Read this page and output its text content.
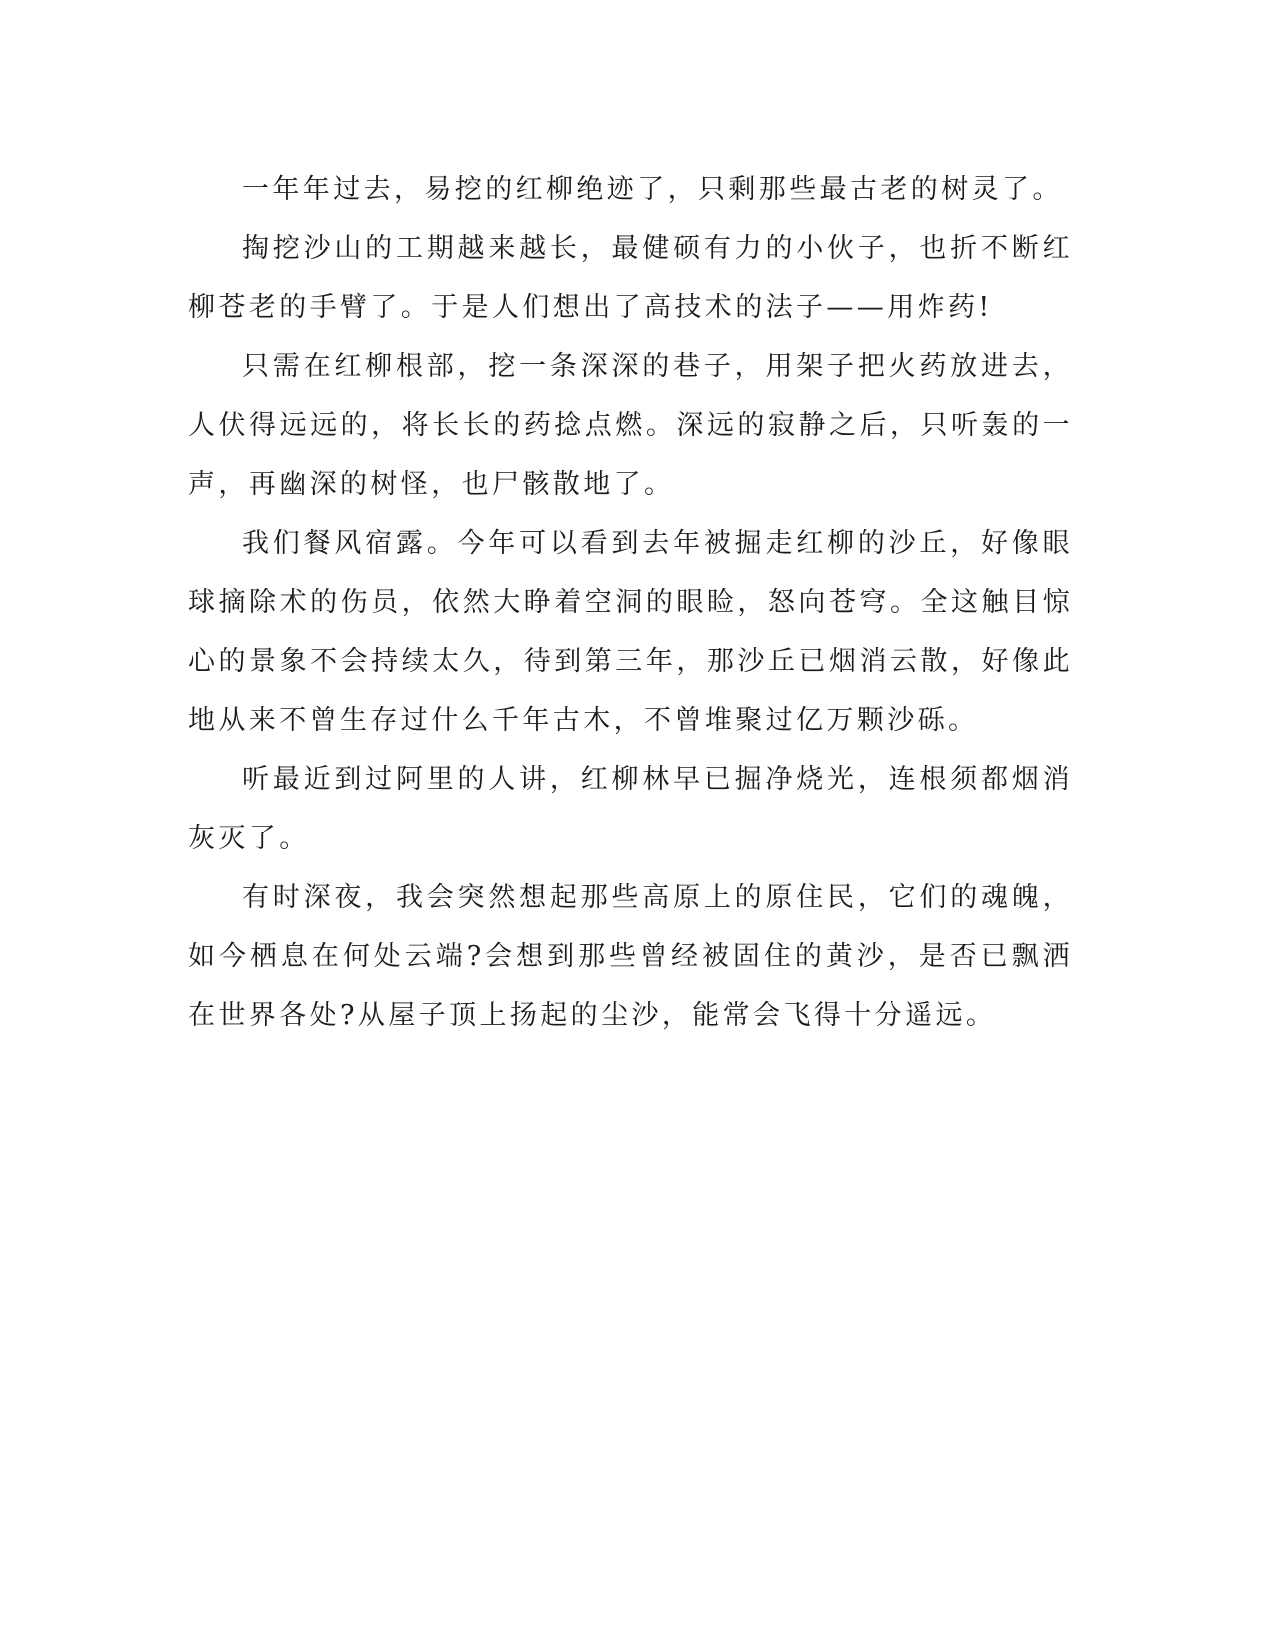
一年年过去，易挖的红柳绝迹了，只剩那些最古老的树灵了。

掏挖沙山的工期越来越长，最健硕有力的小伙子，也折不断红柳苍老的手臂了。于是人们想出了高技术的法子——用炸药!

只需在红柳根部，挖一条深深的巷子，用架子把火药放进去，人伏得远远的，将长长的药捻点燃。深远的寂静之后，只听轰的一声，再幽深的树怪，也尸骸散地了。

我们餐风宿露。今年可以看到去年被掘走红柳的沙丘，好像眼球摘除术的伤员，依然大睁着空洞的眼睑，怒向苍穹。全这触目惊心的景象不会持续太久，待到第三年，那沙丘已烟消云散，好像此地从来不曾生存过什么千年古木，不曾堆聚过亿万颗沙砾。

听最近到过阿里的人讲，红柳林早已掘净烧光，连根须都烟消灰灭了。

有时深夜，我会突然想起那些高原上的原住民，它们的魂魄，如今栖息在何处云端?会想到那些曾经被固住的黄沙，是否已飘洒在世界各处?从屋子顶上扬起的尘沙，能常会飞得十分遥远。
